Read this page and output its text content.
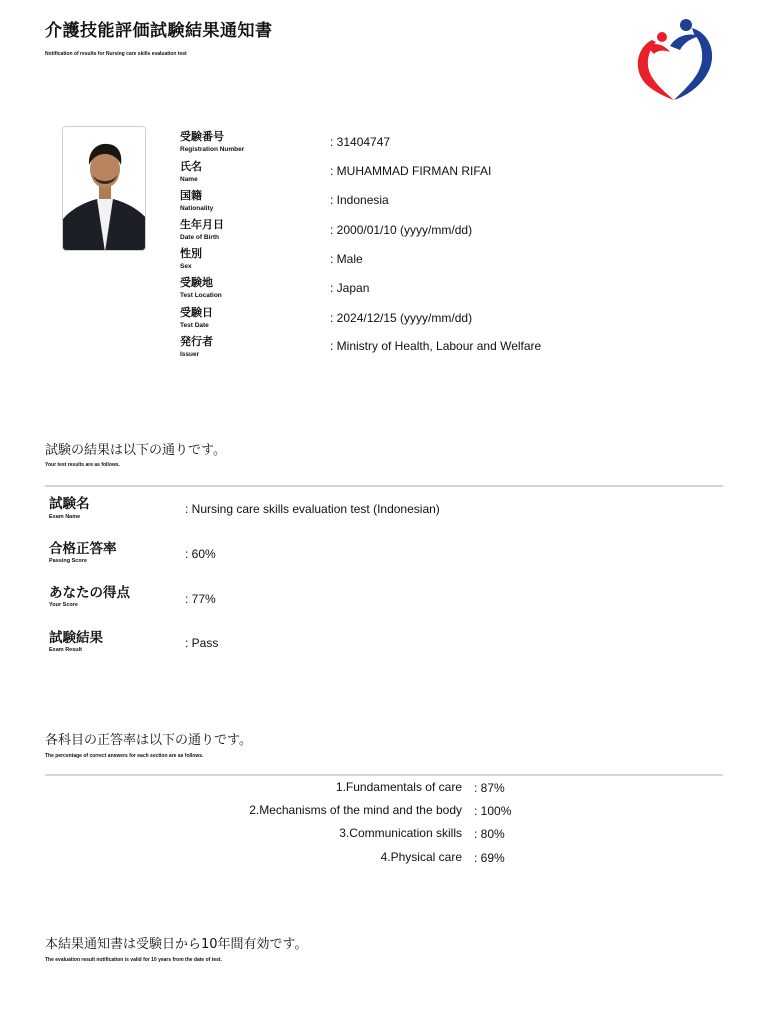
介護技能評価試験結果通知書
Notification of results for Nursing care skills evaluation test
受験番号
Registration Number
: 31404747
氏名
Name
: MUHAMMAD FIRMAN RIFAI
国籍
Nationality
: Indonesia
生年月日
Date of Birth
: 2000/01/10 (yyyy/mm/dd)
性別
Sex
: Male
受験地
Test Location
: Japan
受験日
Test Date
: 2024/12/15 (yyyy/mm/dd)
発行者
Issuer
: Ministry of Health, Labour and Welfare
試験の結果は以下の通りです。
Your test results are as follows.
試験名
Exam Name
: Nursing care skills evaluation test (Indonesian)
合格正答率
Passing Score	: 60%
あなたの得点
Your Score	: 77%
試験結果
Exam Result	: Pass
各科目の正答率は以下の通りです。
The percentage of correct answers for each section are as follows.
1.Fundamentals of care : 87%
2.Mechanisms of the mind and the body : 100%
3.Communication skills : 80%
4.Physical care : 69%
本結果通知書は受験日から10年間有効です。
The evaluation result notification is valid for 10 years from the date of test.
